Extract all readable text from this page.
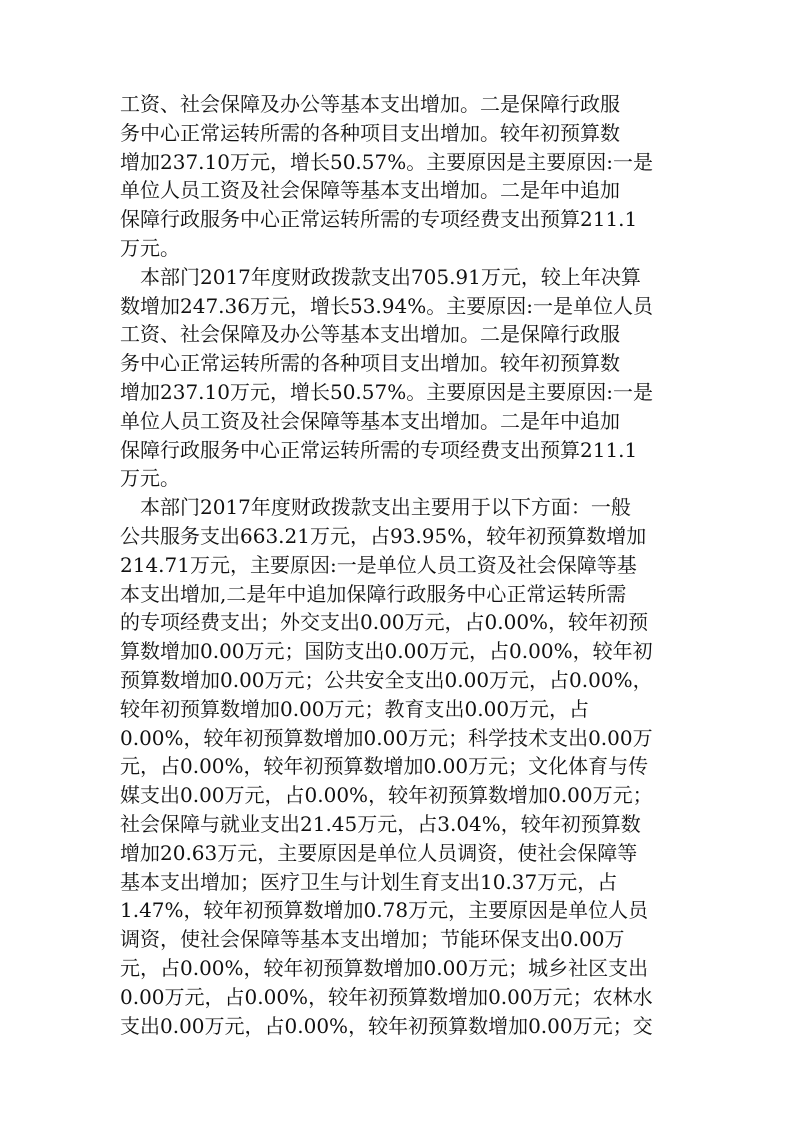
工资、社会保障及办公等基本支出增加。二是保障行政服
务中心正常运转所需的各种项目支出增加。较年初预算数
增加237.10万元，增长50.57%。主要原因是主要原因:一是
单位人员工资及社会保障等基本支出增加。二是年中追加
保障行政服务中心正常运转所需的专项经费支出预算211.1
万元。
　本部门2017年度财政拨款支出705.91万元，较上年决算
数增加247.36万元，增长53.94%。主要原因:一是单位人员
工资、社会保障及办公等基本支出增加。二是保障行政服
务中心正常运转所需的各种项目支出增加。较年初预算数
增加237.10万元，增长50.57%。主要原因是主要原因:一是
单位人员工资及社会保障等基本支出增加。二是年中追加
保障行政服务中心正常运转所需的专项经费支出预算211.1
万元。
　本部门2017年度财政拨款支出主要用于以下方面：一般
公共服务支出663.21万元，占93.95%，较年初预算数增加
214.71万元，主要原因:一是单位人员工资及社会保障等基
本支出增加,二是年中追加保障行政服务中心正常运转所需
的专项经费支出；外交支出0.00万元，占0.00%，较年初预
算数增加0.00万元；国防支出0.00万元，占0.00%，较年初
预算数增加0.00万元；公共安全支出0.00万元，占0.00%，
较年初预算数增加0.00万元；教育支出0.00万元，占
0.00%，较年初预算数增加0.00万元；科学技术支出0.00万
元，占0.00%，较年初预算数增加0.00万元；文化体育与传
媒支出0.00万元，占0.00%，较年初预算数增加0.00万元；
社会保障与就业支出21.45万元，占3.04%，较年初预算数
增加20.63万元，主要原因是单位人员调资，使社会保障等
基本支出增加；医疗卫生与计划生育支出10.37万元，占
1.47%，较年初预算数增加0.78万元，主要原因是单位人员
调资，使社会保障等基本支出增加；节能环保支出0.00万
元，占0.00%，较年初预算数增加0.00万元；城乡社区支出
0.00万元，占0.00%，较年初预算数增加0.00万元；农林水
支出0.00万元，占0.00%，较年初预算数增加0.00万元；交
